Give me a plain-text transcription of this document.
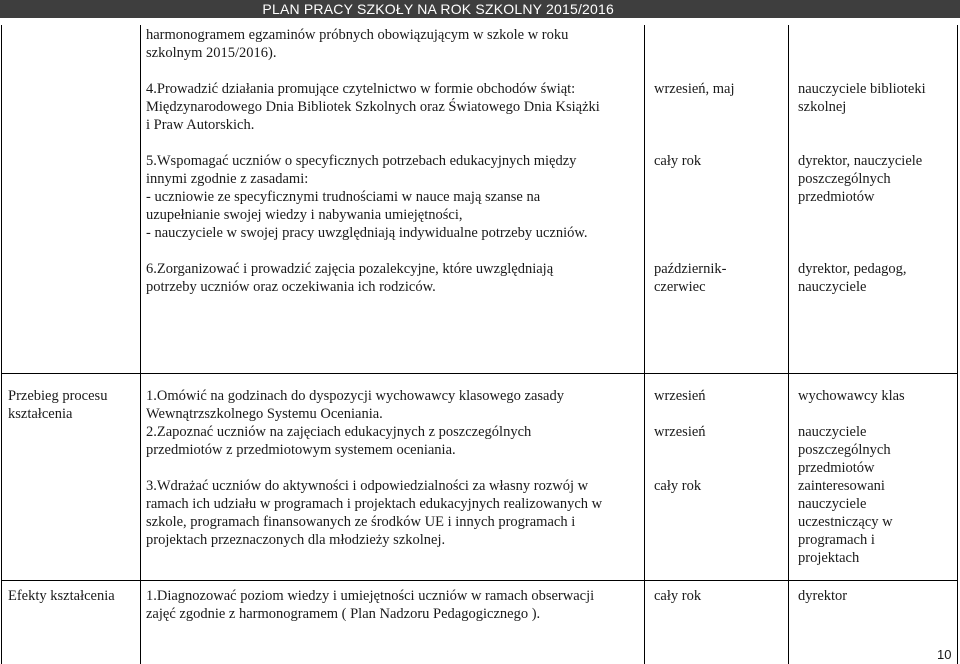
PLAN PRACY SZKOŁY NA ROK SZKOLNY 2015/2016

harmonogramem egzaminów próbnych obowiązującym w szkole w roku

szkolnym 2015/2016).

4.Prowadzić działania promujące czytelnictwo w formie obchodów świąt:

Międzynarodowego Dnia Bibliotek Szkolnych oraz Światowego Dnia Książki

i Praw Autorskich.

5.Wspomagać uczniów o specyficznych potrzebach edukacyjnych między

innymi zgodnie z zasadami:

- uczniowie ze specyficznymi trudnościami w nauce mają szanse na

uzupełnianie swojej wiedzy i nabywania umiejętności,

- nauczyciele w swojej pracy uwzględniają indywidualne potrzeby uczniów.

6.Zorganizować i prowadzić zajęcia pozalekcyjne, które uwzględniają

potrzeby uczniów oraz oczekiwania ich rodziców.

wrzesień, maj
cały rok

październik-

czerwiec

nauczyciele biblioteki

szkolnej

dyrektor, nauczyciele

poszczególnych

przedmiotów

dyrektor, pedagog,

nauczyciele

Przebieg procesu

kształcenia

1.Omówić na godzinach do dyspozycji wychowawcy klasowego zasady

Wewnątrzszkolnego Systemu Oceniania.

2.Zapoznać uczniów na zajęciach edukacyjnych z poszczególnych

przedmiotów z przedmiotowym systemem oceniania.

3.Wdrażać uczniów do aktywności i odpowiedzialności za własny rozwój w

ramach ich udziału w programach i projektach edukacyjnych realizowanych w

szkole, programach finansowanych ze środków UE i innych programach i

projektach przeznaczonych dla młodzieży szkolnej.

wrzesień

wrzesień

cały rok

wychowawcy klas

nauczyciele

poszczególnych

przedmiotów

zainteresowani

nauczyciele

uczestniczący w

programach i

projektach

Efekty kształcenia 1.Diagnozować poziom wiedzy i umiejętności uczniów w ramach obserwacji

zajęć zgodnie z harmonogramem ( Plan Nadzoru Pedagogicznego ).

cały rok	dyrektor
10
